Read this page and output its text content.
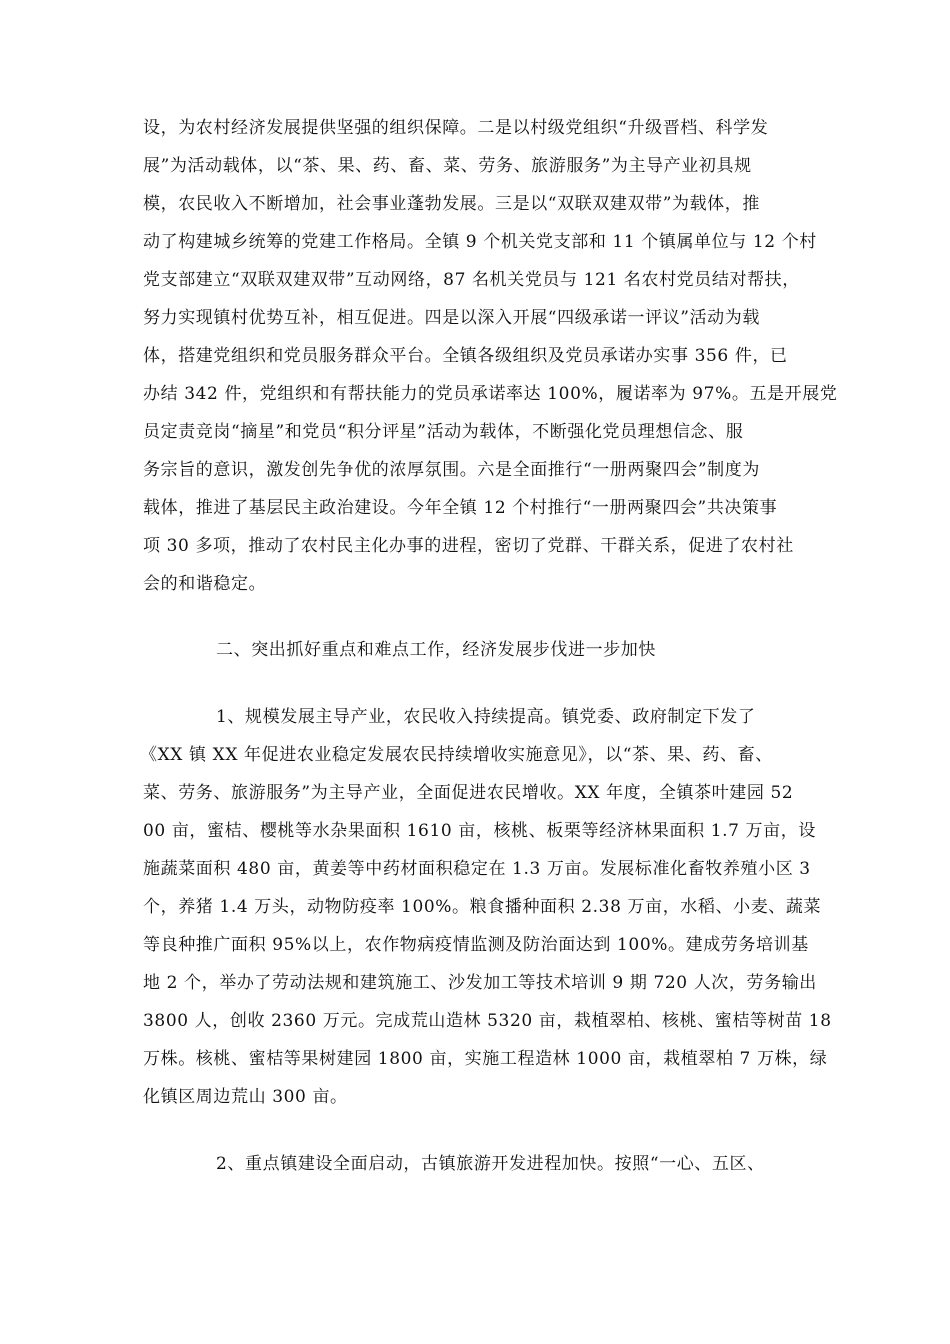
设，为农村经济发展提供坚强的组织保障。二是以村级党组织“升级晋档、科学发

展”为活动载体，以“茶、果、药、畜、菜、劳务、旅游服务”为主导产业初具规

模，农民收入不断增加，社会事业蓬勃发展。三是以“双联双建双带”为载体，推

动了构建城乡统筹的党建工作格局。全镇 9 个机关党支部和 11 个镇属单位与 12 个村

党支部建立“双联双建双带”互动网络，87 名机关党员与 121 名农村党员结对帮扶，

努力实现镇村优势互补，相互促进。四是以深入开展“四级承诺一评议”活动为载

体，搭建党组织和党员服务群众平台。全镇各级组织及党员承诺办实事 356 件，已

办结 342 件，党组织和有帮扶能力的党员承诺率达 100%，履诺率为 97%。五是开展党

员定责竞岗“摘星”和党员“积分评星”活动为载体，不断强化党员理想信念、服

务宗旨的意识，激发创先争优的浓厚氛围。六是全面推行“一册两聚四会”制度为

载体，推进了基层民主政治建设。今年全镇 12 个村推行“一册两聚四会”共决策事

项 30 多项，推动了农村民主化办事的进程，密切了党群、干群关系，促进了农村社

会的和谐稳定。

二、突出抓好重点和难点工作，经济发展步伐进一步加快

1、规模发展主导产业，农民收入持续提高。镇党委、政府制定下发了

《XX 镇 XX 年促进农业稳定发展农民持续增收实施意见》，以“茶、果、药、畜、

菜、劳务、旅游服务”为主导产业，全面促进农民增收。XX 年度，全镇茶叶建园 52

00 亩，蜜桔、樱桃等水杂果面积 1610 亩，核桃、板栗等经济林果面积 1.7 万亩，设

施蔬菜面积 480 亩，黄姜等中药材面积稳定在 1.3 万亩。发展标准化畜牧养殖小区 3

个，养猪 1.4 万头，动物防疫率 100%。粮食播种面积 2.38 万亩，水稻、小麦、蔬菜

等良种推广面积 95%以上，农作物病疫情监测及防治面达到 100%。建成劳务培训基

地 2 个，举办了劳动法规和建筑施工、沙发加工等技术培训 9 期 720 人次，劳务输出

3800 人，创收 2360 万元。完成荒山造林 5320 亩，栽植翠柏、核桃、蜜桔等树苗 18

万株。核桃、蜜桔等果树建园 1800 亩，实施工程造林 1000 亩，栽植翠柏 7 万株，绿

化镇区周边荒山 300 亩。

2、重点镇建设全面启动，古镇旅游开发进程加快。按照“一心、五区、
